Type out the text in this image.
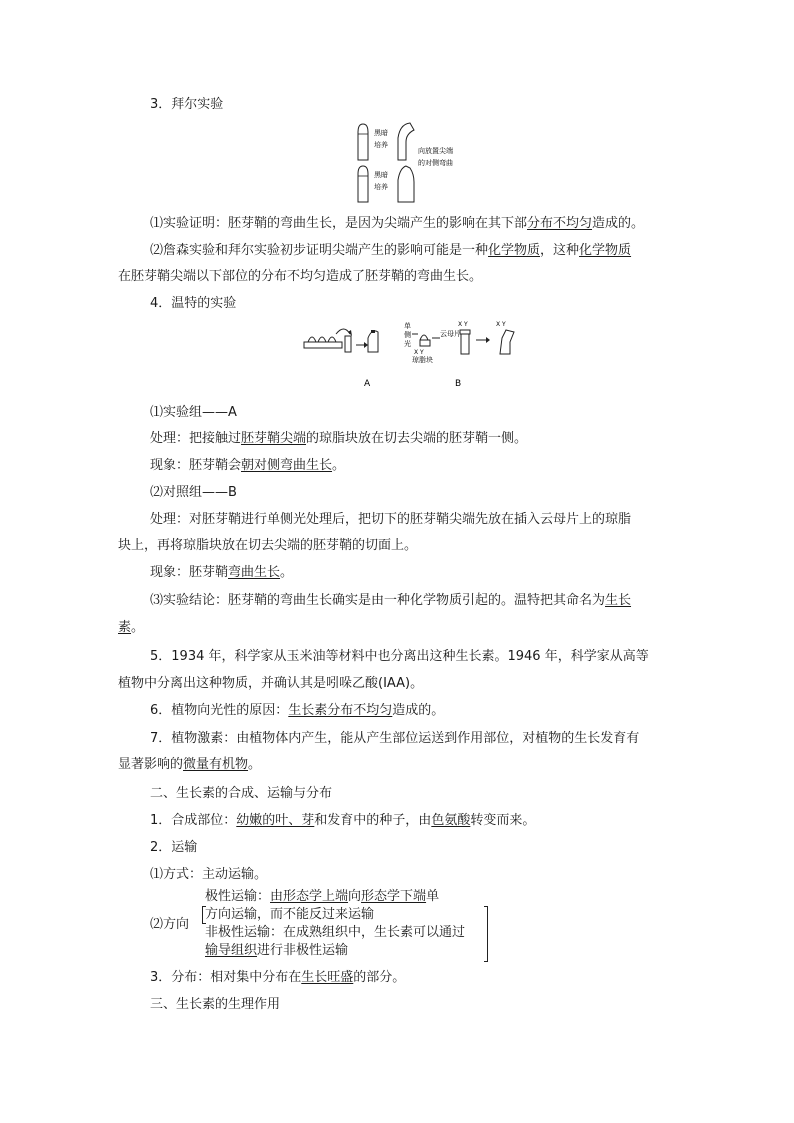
3．拜尔实验
黑暗
培养
向放置尖端
的对侧弯曲
黑暗
培养
⑴实验证明：胚芽鞘的弯曲生长，是因为尖端产生的影响在其下部分布不均匀造成的。
⑵詹森实验和拜尔实验初步证明尖端产生的影响可能是一种化学物质，这种化学物质
在胚芽鞘尖端以下部位的分布不均匀造成了胚芽鞘的弯曲生长。
4．温特的实验
单
侧
光
X Y
琼脂块
云母片
X Y	X Y
A	B
⑴实验组——A
处理：把接触过胚芽鞘尖端的琼脂块放在切去尖端的胚芽鞘一侧。
现象：胚芽鞘会朝对侧弯曲生长。
⑵对照组——B
处理：对胚芽鞘进行单侧光处理后，把切下的胚芽鞘尖端先放在插入云母片上的琼脂
块上，再将琼脂块放在切去尖端的胚芽鞘的切面上。
现象：胚芽鞘弯曲生长。
⑶实验结论：胚芽鞘的弯曲生长确实是由一种化学物质引起的。温特把其命名为生长
素。
5．1934 年，科学家从玉米油等材料中也分离出这种生长素。1946 年，科学家从高等
植物中分离出这种物质，并确认其是吲哚乙酸(IAA)。
6．植物向光性的原因：生长素分布不均匀造成的。
7．植物激素：由植物体内产生，能从产生部位运送到作用部位，对植物的生长发育有
显著影响的微量有机物。
二、生长素的合成、运输与分布
1．合成部位：幼嫩的叶、芽和发育中的种子，由色氨酸转变而来。
2．运输
⑴方式：主动运输。
⑵方向
极性运输：由形态学上端向形态学下端单
方向运输，而不能反过来运输
非极性运输：在成熟组织中，生长素可以通过
输导组织进行非极性运输
3．分布：相对集中分布在生长旺盛的部分。
三、生长素的生理作用
